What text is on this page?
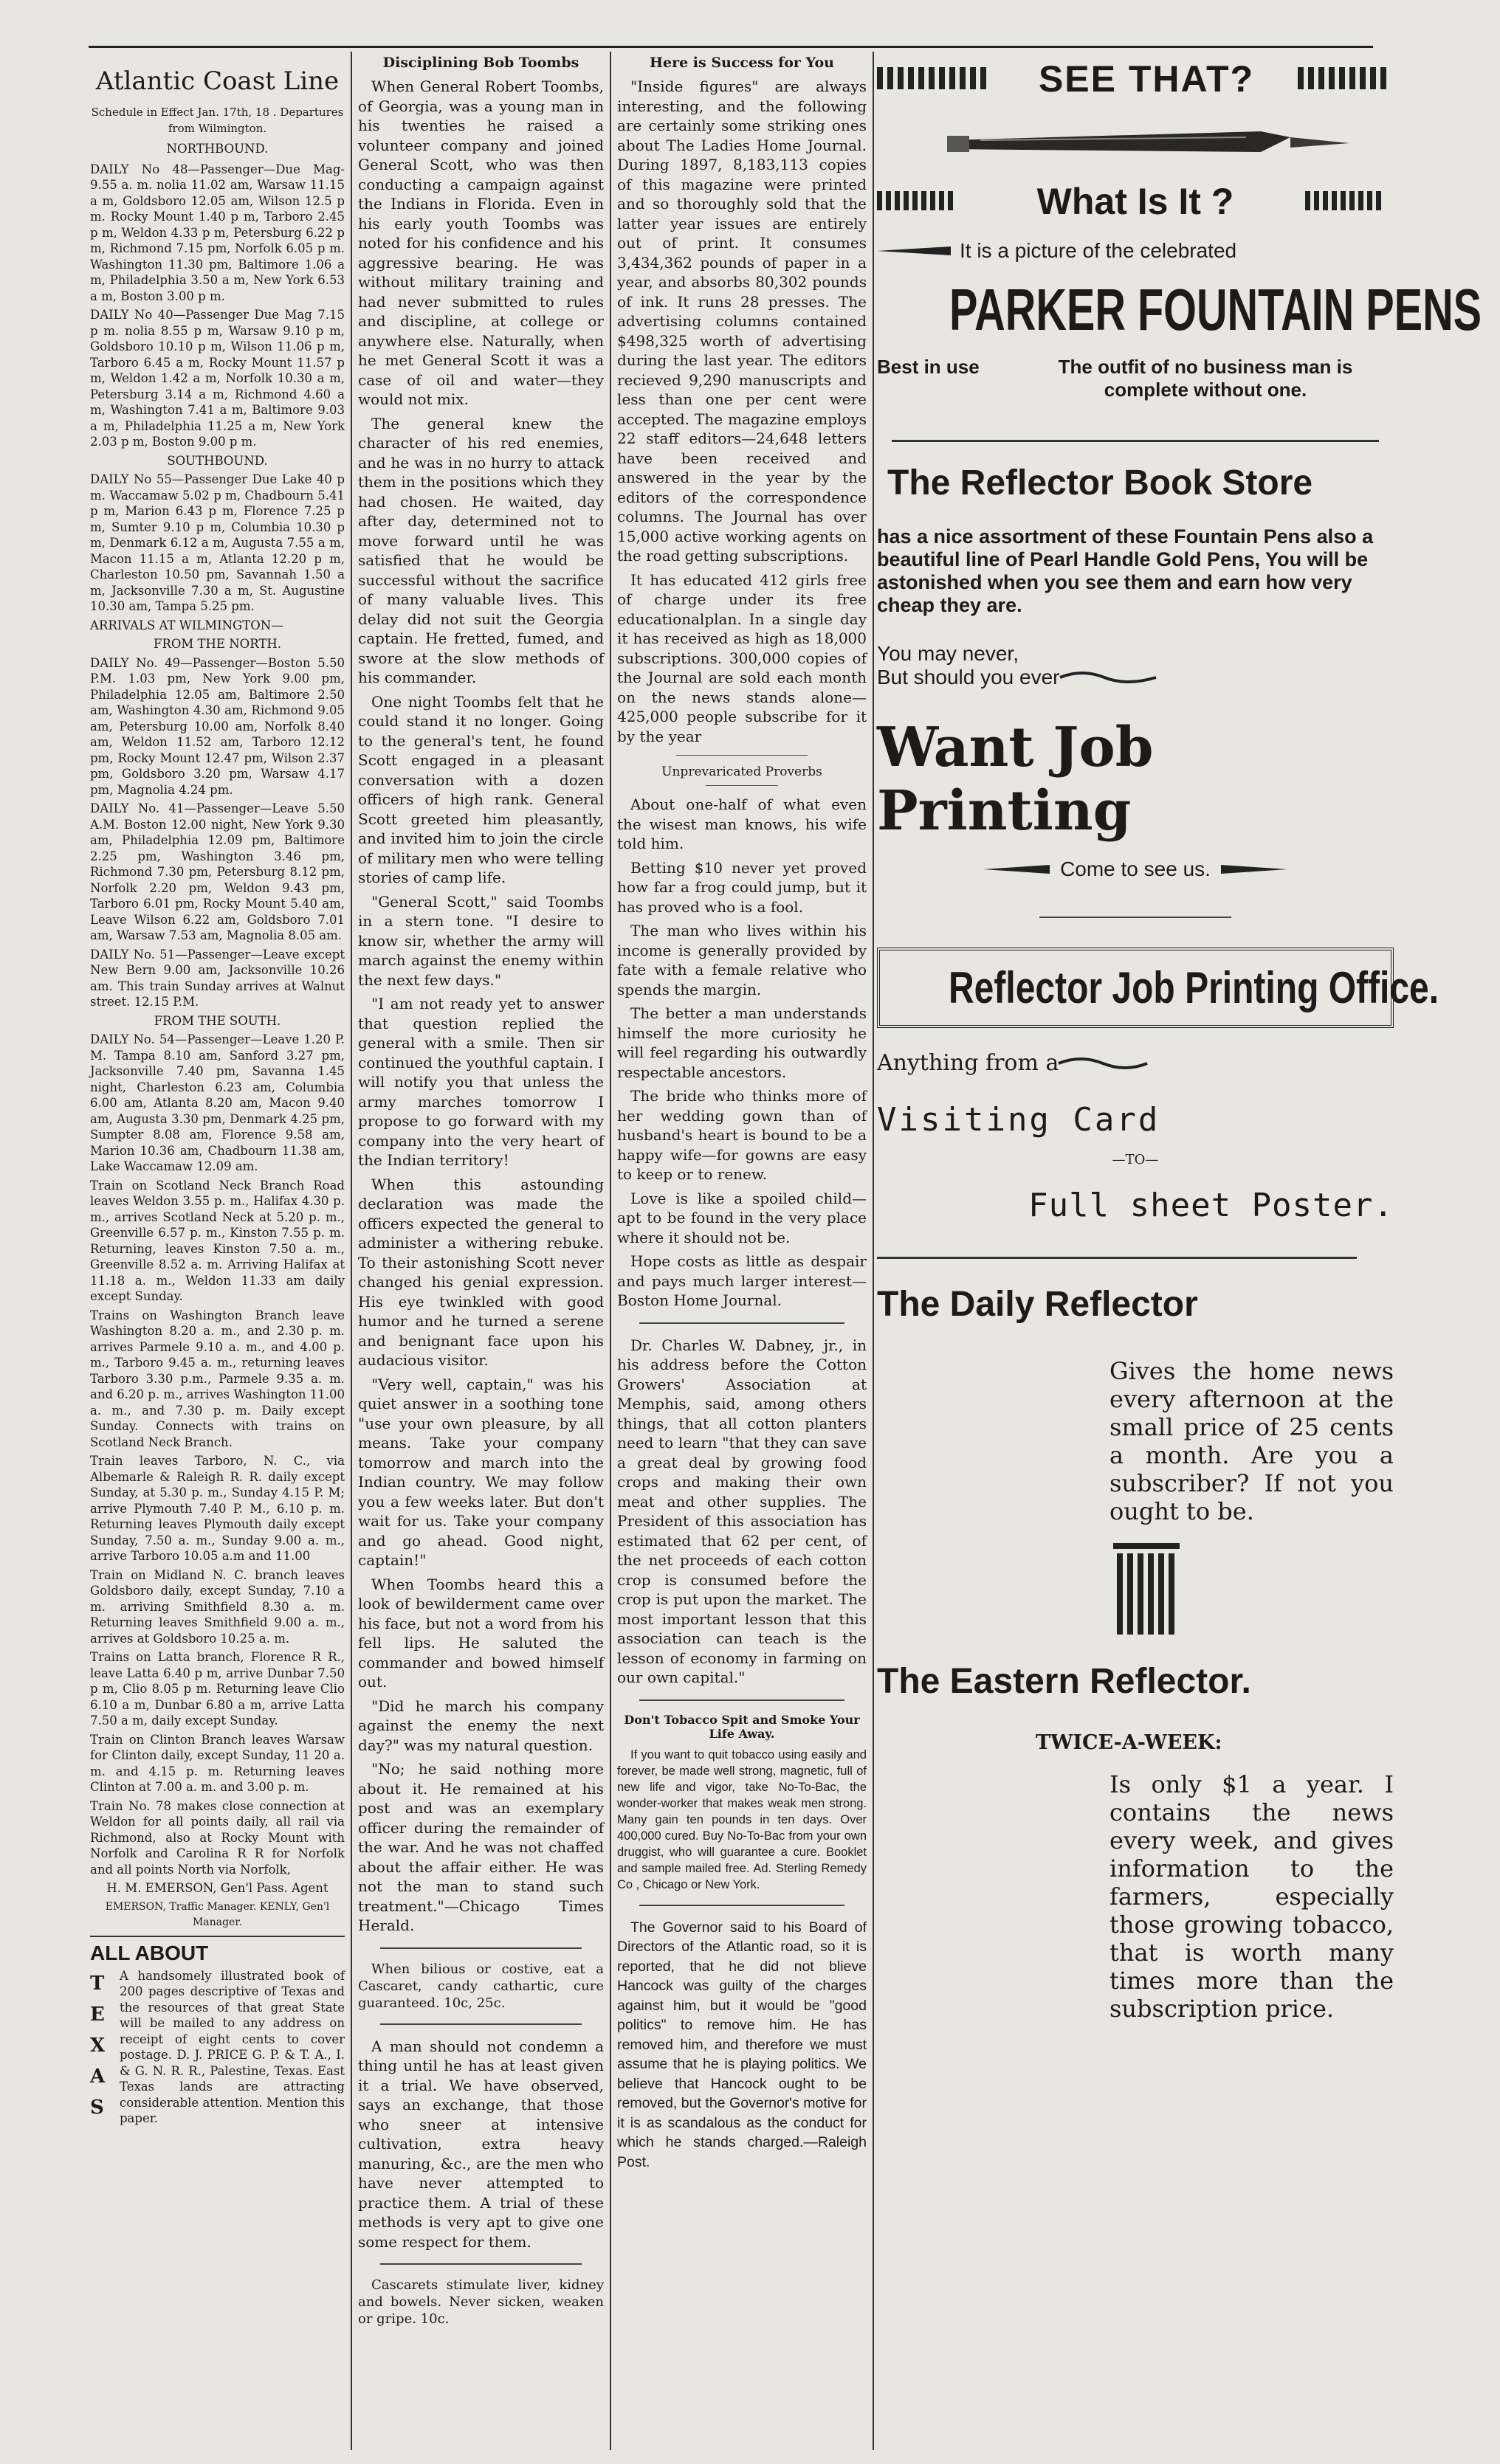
Atlantic Coast Line
Schedule in Effect Jan. 17th, 18 . Departures from Wilmington.
NORTHBOUND.
DAILY No 48—Passenger—Due Mag-9.55 a. m. nolia 11.02 am, Warsaw 11.15 a m, Goldsboro 12.05 am, Wilson 12.5 p m. Rocky Mount 1.40 p m, Tarboro 2.45 p m, Weldon 4.33 p m, Petersburg 6.22 p m, Richmond 7.15 pm, Norfolk 6.05 p m. Washington 11.30 pm, Baltimore 1.06 a m, Philadelphia 3.50 a m, New York 6.53 a m, Boston 3.00 p m.
DAILY No 40—Passenger Due Mag 7.15 p m. nolia 8.55 p m, Warsaw 9.10 p m, Goldsboro 10.10 p m, Wilson 11.06 p m, Tarboro 6.45 a m, Rocky Mount 11.57 p m, Weldon 1.42 a m, Norfolk 10.30 a m, Petersburg 3.14 a m, Richmond 4.60 a m, Washington 7.41 a m, Baltimore 9.03 a m, Philadelphia 11.25 a m, New York 2.03 p m, Boston 9.00 p m.
SOUTHBOUND.
DAILY No 55—Passenger Due Lake 40 p m. Waccamaw 5.02 p m, Chadbourn 5.41 p m, Marion 6.43 p m, Florence 7.25 p m, Sumter 9.10 p m, Columbia 10.30 p m, Denmark 6.12 a m, Augusta 7.55 a m, Macon 11.15 a m, Atlanta 12.20 p m, Charleston 10.50 pm, Savannah 1.50 a m, Jacksonville 7.30 a m, St. Augustine 10.30 am, Tampa 5.25 pm.
ARRIVALS AT WILMINGTON—
FROM THE NORTH.
DAILY No. 49—Passenger—Boston 5.50 P.M. 1.03 pm, New York 9.00 pm, Philadelphia 12.05 am, Baltimore 2.50 am, Washington 4.30 am, Richmond 9.05 am, Petersburg 10.00 am, Norfolk 8.40 am, Weldon 11.52 am, Tarboro 12.12 pm, Rocky Mount 12.47 pm, Wilson 2.37 pm, Goldsboro 3.20 pm, Warsaw 4.17 pm, Magnolia 4.24 pm.
DAILY No. 41—Passenger—Leave 5.50 A.M. Boston 12.00 night, New York 9.30 am, Philadelphia 12.09 pm, Baltimore 2.25 pm, Washington 3.46 pm, Richmond 7.30 pm, Petersburg 8.12 pm, Norfolk 2.20 pm, Weldon 9.43 pm, Tarboro 6.01 pm, Rocky Mount 5.40 am, Leave Wilson 6.22 am, Goldsboro 7.01 am, Warsaw 7.53 am, Magnolia 8.05 am.
DAILY No. 51—Passenger—Leave except New Bern 9.00 am, Jacksonville 10.26 am. This train Sunday arrives at Walnut street. 12.15 P.M.
FROM THE SOUTH.
DAILY No. 54—Passenger—Leave 1.20 P. M. Tampa 8.10 am, Sanford 3.27 pm, Jacksonville 7.40 pm, Savanna 1.45 night, Charleston 6.23 am, Columbia 6.00 am, Atlanta 8.20 am, Macon 9.40 am, Augusta 3.30 pm, Denmark 4.25 pm, Sumpter 8.08 am, Florence 9.58 am, Marion 10.36 am, Chadbourn 11.38 am, Lake Waccamaw 12.09 am.
Train on Scotland Neck Branch Road leaves Weldon 3.55 p. m., Halifax 4.30 p. m., arrives Scotland Neck at 5.20 p. m., Greenville 6.57 p. m., Kinston 7.55 p. m. Returning, leaves Kinston 7.50 a. m., Greenville 8.52 a. m. Arriving Halifax at 11.18 a. m., Weldon 11.33 am daily except Sunday.
Trains on Washington Branch leave Washington 8.20 a. m., and 2.30 p. m. arrives Parmele 9.10 a. m., and 4.00 p. m., Tarboro 9.45 a. m., returning leaves Tarboro 3.30 p.m., Parmele 9.35 a. m. and 6.20 p. m., arrives Washington 11.00 a. m., and 7.30 p. m. Daily except Sunday. Connects with trains on Scotland Neck Branch.
Train leaves Tarboro, N. C., via Albemarle & Raleigh R. R. daily except Sunday, at 5.30 p. m., Sunday 4.15 P. M; arrive Plymouth 7.40 P. M., 6.10 p. m. Returning leaves Plymouth daily except Sunday, 7.50 a. m., Sunday 9.00 a. m., arrive Tarboro 10.05 a.m and 11.00
Train on Midland N. C. branch leaves Goldsboro daily, except Sunday, 7.10 a m. arriving Smithfield 8.30 a. m. Returning leaves Smithfield 9.00 a. m., arrives at Goldsboro 10.25 a. m.
Trains on Latta branch, Florence R R., leave Latta 6.40 p m, arrive Dunbar 7.50 p m, Clio 8.05 p m. Returning leave Clio 6.10 a m, Dunbar 6.80 a m, arrive Latta 7.50 a m, daily except Sunday.
Train on Clinton Branch leaves Warsaw for Clinton daily, except Sunday, 11 20 a. m. and 4.15 p. m. Returning leaves Clinton at 7.00 a. m. and 3.00 p. m.
Train No. 78 makes close connection at Weldon for all points daily, all rail via Richmond, also at Rocky Mount with Norfolk and Carolina R R for Norfolk and all points North via Norfolk,
H. M. EMERSON, Gen'l Pass. Agent
EMERSON, Traffic Manager. KENLY, Gen'l Manager.
ALL ABOUT
T
E
X
A
S
A handsomely illustrated book of 200 pages descriptive of Texas and the resources of that great State will be mailed to any address on receipt of eight cents to cover postage. D. J. PRICE G. P. & T. A., I. & G. N. R. R., Palestine, Texas. East Texas lands are attracting considerable attention. Mention this paper.
Disciplining Bob Toombs
When General Robert Toombs, of Georgia, was a young man in his twenties he raised a volunteer company and joined General Scott, who was then conducting a campaign against the Indians in Florida. Even in his early youth Toombs was noted for his confidence and his aggressive bearing. He was without military training and had never submitted to rules and discipline, at college or anywhere else. Naturally, when he met General Scott it was a case of oil and water—they would not mix.
The general knew the character of his red enemies, and he was in no hurry to attack them in the positions which they had chosen. He waited, day after day, determined not to move forward until he was satisfied that he would be successful without the sacrifice of many valuable lives. This delay did not suit the Georgia captain. He fretted, fumed, and swore at the slow methods of his commander.
One night Toombs felt that he could stand it no longer. Going to the general's tent, he found Scott engaged in a pleasant conversation with a dozen officers of high rank. General Scott greeted him pleasantly, and invited him to join the circle of military men who were telling stories of camp life.
"General Scott," said Toombs in a stern tone. "I desire to know sir, whether the army will march against the enemy within the next few days."
"I am not ready yet to answer that question replied the general with a smile. Then sir continued the youthful captain. I will notify you that unless the army marches tomorrow I propose to go forward with my company into the very heart of the Indian territory!
When this astounding declaration was made the officers expected the general to administer a withering rebuke. To their astonishing Scott never changed his genial expression. His eye twinkled with good humor and he turned a serene and benignant face upon his audacious visitor.
"Very well, captain," was his quiet answer in a soothing tone "use your own pleasure, by all means. Take your company tomorrow and march into the Indian country. We may follow you a few weeks later. But don't wait for us. Take your company and go ahead. Good night, captain!"
When Toombs heard this a look of bewilderment came over his face, but not a word from his fell lips. He saluted the commander and bowed himself out.
"Did he march his company against the enemy the next day?" was my natural question.
"No; he said nothing more about it. He remained at his post and was an exemplary officer during the remainder of the war. And he was not chaffed about the affair either. He was not the man to stand such treatment."—Chicago Times Herald.
When bilious or costive, eat a Cascaret, candy cathartic, cure guaranteed. 10c, 25c.
A man should not condemn a thing until he has at least given it a trial. We have observed, says an exchange, that those who sneer at intensive cultivation, extra heavy manuring, &c., are the men who have never attempted to practice them. A trial of these methods is very apt to give one some respect for them.
Cascarets stimulate liver, kidney and bowels. Never sicken, weaken or gripe. 10c.
Here is Success for You
"Inside figures" are always interesting, and the following are certainly some striking ones about The Ladies Home Journal. During 1897, 8,183,113 copies of this magazine were printed and so thoroughly sold that the latter year issues are entirely out of print. It consumes 3,434,362 pounds of paper in a year, and absorbs 80,302 pounds of ink. It runs 28 presses. The advertising columns contained $498,325 worth of advertising during the last year. The editors recieved 9,290 manuscripts and less than one per cent were accepted. The magazine employs 22 staff editors—24,648 letters have been received and answered in the year by the editors of the correspondence columns. The Journal has over 15,000 active working agents on the road getting subscriptions.
It has educated 412 girls free of charge under its free educationalplan. In a single day it has received as high as 18,000 subscriptions. 300,000 copies of the Journal are sold each month on the news stands alone—425,000 people subscribe for it by the year
Unprevaricated Proverbs
About one-half of what even the wisest man knows, his wife told him.
Betting $10 never yet proved how far a frog could jump, but it has proved who is a fool.
The man who lives within his income is generally provided by fate with a female relative who spends the margin.
The better a man understands himself the more curiosity he will feel regarding his outwardly respectable ancestors.
The bride who thinks more of her wedding gown than of husband's heart is bound to be a happy wife—for gowns are easy to keep or to renew.
Love is like a spoiled child—apt to be found in the very place where it should not be.
Hope costs as little as despair and pays much larger interest—Boston Home Journal.
Dr. Charles W. Dabney, jr., in his address before the Cotton Growers' Association at Memphis, said, among others things, that all cotton planters need to learn "that they can save a great deal by growing food crops and making their own meat and other supplies. The President of this association has estimated that 62 per cent, of the net proceeds of each cotton crop is consumed before the crop is put upon the market. The most important lesson that this association can teach is the lesson of economy in farming on our own capital."
Don't Tobacco Spit and Smoke Your Life Away.
If you want to quit tobacco using easily and forever, be made well strong, magnetic, full of new life and vigor, take No-To-Bac, the wonder-worker that makes weak men strong. Many gain ten pounds in ten days. Over 400,000 cured. Buy No-To-Bac from your own druggist, who will guarantee a cure. Booklet and sample mailed free. Ad. Sterling Remedy Co , Chicago or New York.
The Governor said to his Board of Directors of the Atlantic road, so it is reported, that he did not blieve Hancock was guilty of the charges against him, but it would be "good politics" to remove him. He has removed him, and therefore we must assume that he is playing politics. We believe that Hancock ought to be removed, but the Governor's motive for it is as scandalous as the conduct for which he stands charged.—Raleigh Post.
SEE THAT?
What Is It ?
It is a picture of the celebrated
PARKER FOUNTAIN PENS
Best in use	The outfit of no business man is complete without one.
The Reflector Book Store
has a nice assortment of these Fountain Pens also a beautiful line of Pearl Handle Gold Pens, You will be astonished when you see them and earn how very cheap they are.
You may never,
But should you ever
Want Job Printing
Come to see us.
Reflector Job Printing Office.
Anything from a
Visiting Card
—TO—
Full sheet Poster.
The Daily Reflector
Gives the home news every afternoon at the small price of 25 cents a month. Are you a subscriber? If not you ought to be.
The Eastern Reflector.
TWICE-A-WEEK:
Is only $1 a year. I contains the news every week, and gives information to the farmers, especially those growing tobacco, that is worth many times more than the subscription price.
